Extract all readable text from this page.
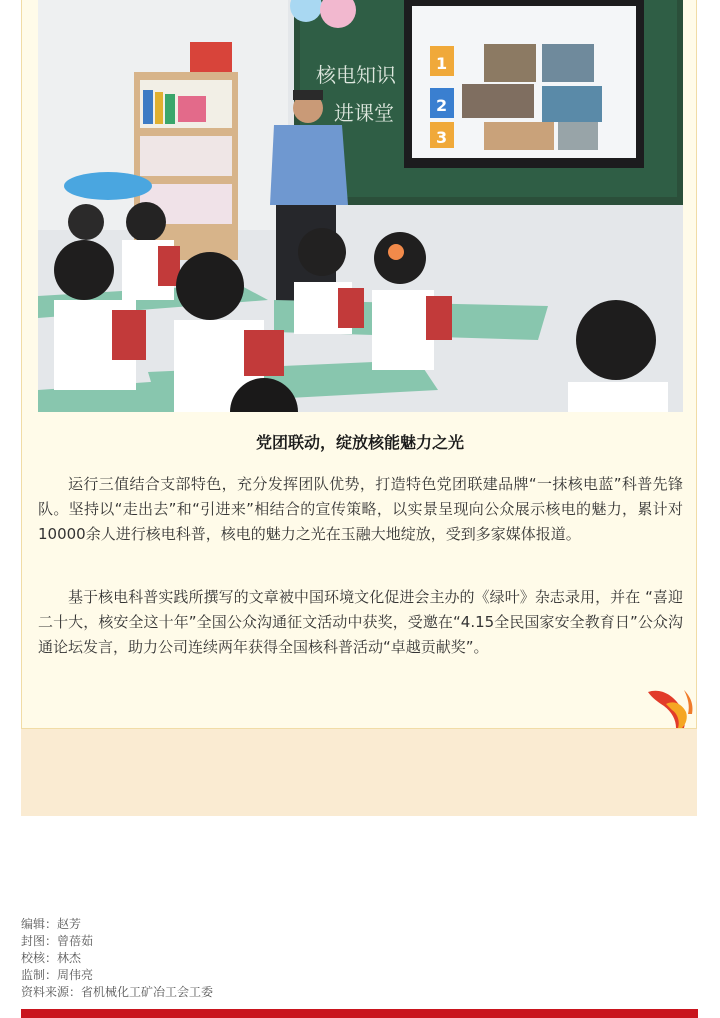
核电知识
进课堂
1
2
3
党团联动，绽放核能魅力之光

运行三值结合支部特色，充分发挥团队优势，打造特色党团联建品牌“一抹核电蓝”科普先锋队。坚持以“走出去”和“引进来”相结合的宣传策略，以实景呈现向公众展示核电的魅力，累计对10000余人进行核电科普，核电的魅力之光在玉融大地绽放，受到多家媒体报道。

基于核电科普实践所撰写的文章被中国环境文化促进会主办的《绿叶》杂志录用，并在 “喜迎二十大，核安全这十年”全国公众沟通征文活动中获奖，受邀在“4.15全民国家安全教育日”公众沟通论坛发言，助力公司连续两年获得全国核科普活动“卓越贡献奖”。

编辑：赵芳
封图：曾蓓茹
校核：林杰
监制：周伟亮
资料来源：省机械化工矿冶工会工委
